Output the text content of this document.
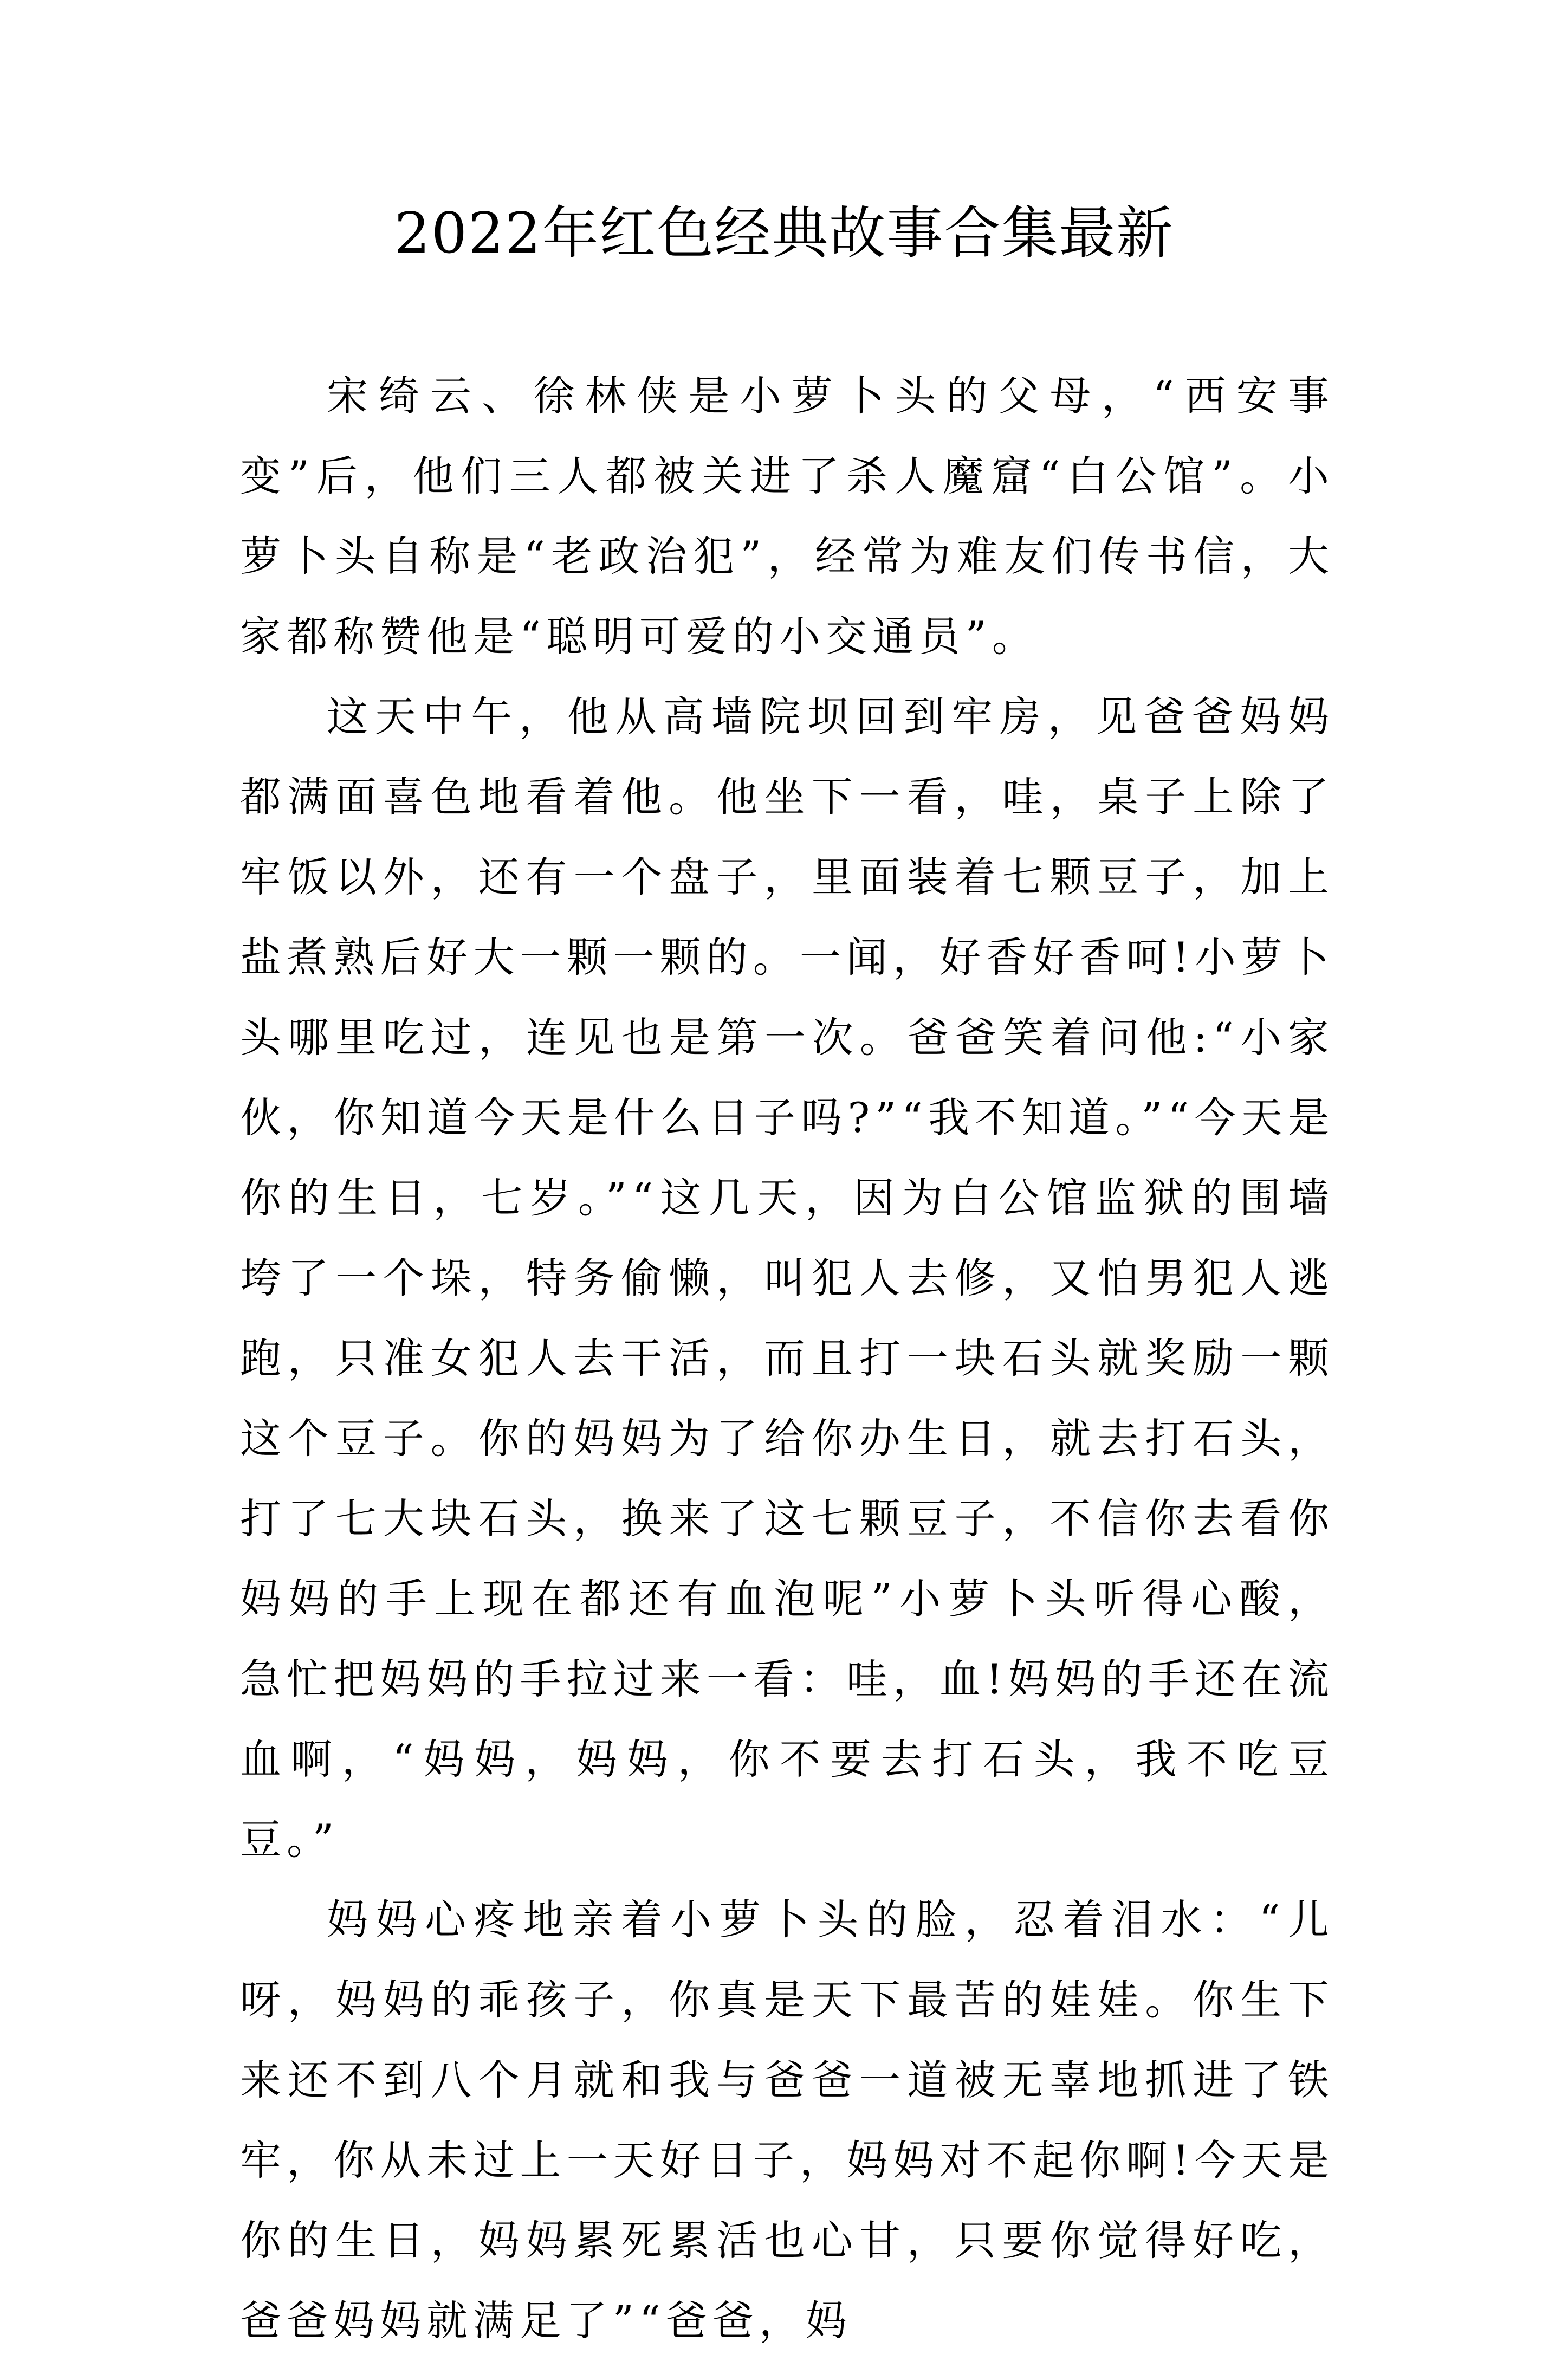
2022年红色经典故事合集最新

宋绮云、徐林侠是小萝卜头的父母，“西安事变”后，他们三人都被关进了杀人魔窟“白公馆”。小萝卜头自称是“老政治犯”，经常为难友们传书信，大家都称赞他是“聪明可爱的小交通员”。

这天中午，他从高墙院坝回到牢房，见爸爸妈妈都满面喜色地看着他。他坐下一看，哇，桌子上除了牢饭以外，还有一个盘子，里面装着七颗豆子，加上盐煮熟后好大一颗一颗的。一闻，好香好香呵!小萝卜头哪里吃过，连见也是第一次。爸爸笑着问他:“小家伙，你知道今天是什么日子吗?”“我不知道。”“今天是你的生日，七岁。”“这几天，因为白公馆监狱的围墙垮了一个垛，特务偷懒，叫犯人去修，又怕男犯人逃跑，只准女犯人去干活，而且打一块石头就奖励一颗这个豆子。你的妈妈为了给你办生日，就去打石头，打了七大块石头，换来了这七颗豆子，不信你去看你妈妈的手上现在都还有血泡呢”小萝卜头听得心酸，急忙把妈妈的手拉过来一看：哇，血!妈妈的手还在流血啊，“妈妈，妈妈，你不要去打石头，我不吃豆豆。”

妈妈心疼地亲着小萝卜头的脸，忍着泪水：“儿呀，妈妈的乖孩子，你真是天下最苦的娃娃。你生下来还不到八个月就和我与爸爸一道被无辜地抓进了铁牢，你从未过上一天好日子，妈妈对不起你啊!今天是你的生日，妈妈累死累活也心甘，只要你觉得好吃，爸爸妈妈就满足了”“爸爸，妈
